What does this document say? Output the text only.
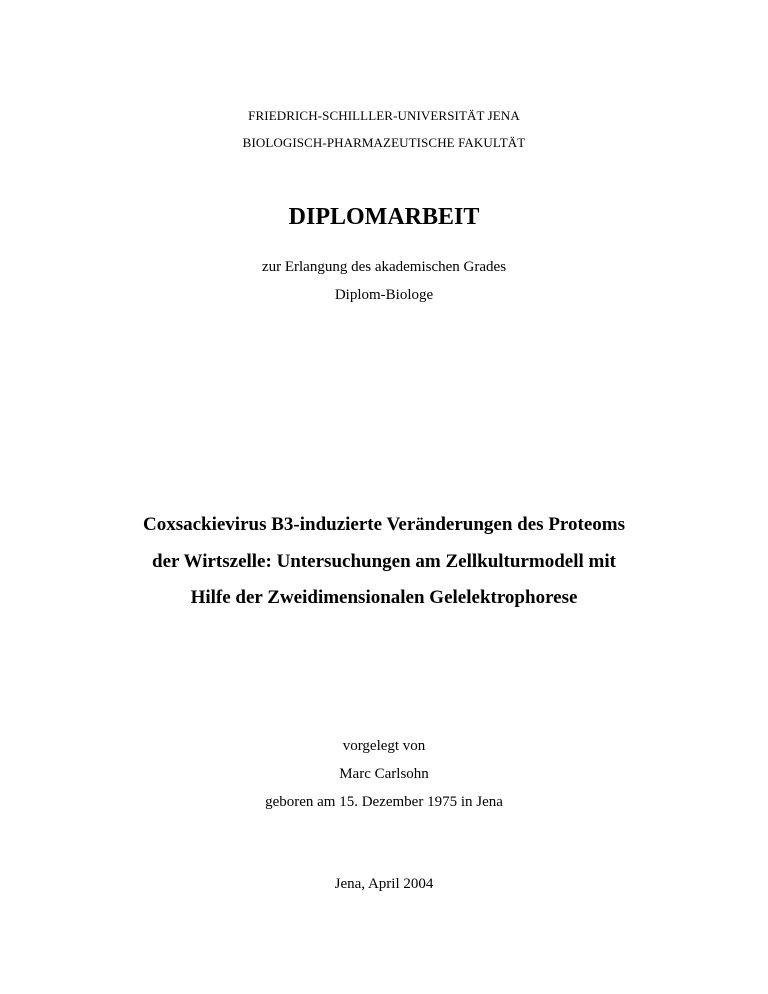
FRIEDRICH-SCHILLLER-UNIVERSITÄT JENA
BIOLOGISCH-PHARMAZEUTISCHE FAKULTÄT
DIPLOMARBEIT
zur Erlangung des akademischen Grades
Diplom-Biologe
Coxsackievirus B3-induzierte Veränderungen des Proteoms
der Wirtszelle: Untersuchungen am Zellkulturmodell mit
Hilfe der Zweidimensionalen Gelelektrophorese
vorgelegt von
Marc Carlsohn
geboren am 15. Dezember 1975 in Jena
Jena, April 2004
